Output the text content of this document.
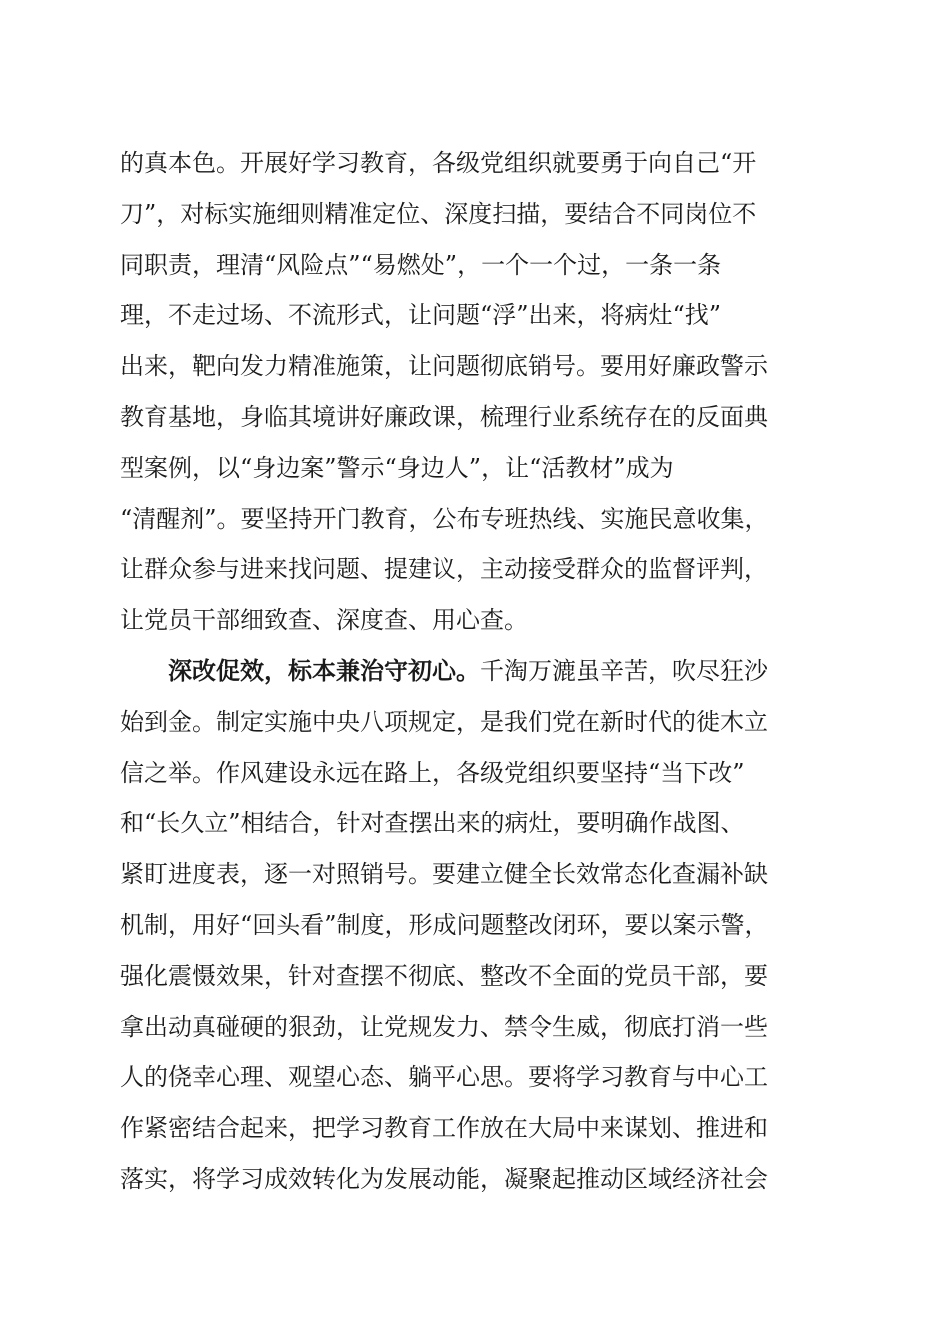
的真本色。开展好学习教育，各级党组织就要勇于向自己“开
刀”，对标实施细则精准定位、深度扫描，要结合不同岗位不
同职责，理清“风险点”“易燃处”，一个一个过，一条一条
理，不走过场、不流形式，让问题“浮”出来，将病灶“找”
出来，靶向发力精准施策，让问题彻底销号。要用好廉政警示
教育基地，身临其境讲好廉政课，梳理行业系统存在的反面典
型案例，以“身边案”警示“身边人”，让“活教材”成为
“清醒剂”。要坚持开门教育，公布专班热线、实施民意收集，
让群众参与进来找问题、提建议，主动接受群众的监督评判，
让党员干部细致查、深度查、用心查。
深改促效，标本兼治守初心。千淘万漉虽辛苦，吹尽狂沙
始到金。制定实施中央八项规定，是我们党在新时代的徙木立
信之举。作风建设永远在路上，各级党组织要坚持“当下改”
和“长久立”相结合，针对查摆出来的病灶，要明确作战图、
紧盯进度表，逐一对照销号。要建立健全长效常态化查漏补缺
机制，用好“回头看”制度，形成问题整改闭环，要以案示警，
强化震慑效果，针对查摆不彻底、整改不全面的党员干部，要
拿出动真碰硬的狠劲，让党规发力、禁令生威，彻底打消一些
人的侥幸心理、观望心态、躺平心思。要将学习教育与中心工
作紧密结合起来，把学习教育工作放在大局中来谋划、推进和
落实，将学习成效转化为发展动能，凝聚起推动区域经济社会
